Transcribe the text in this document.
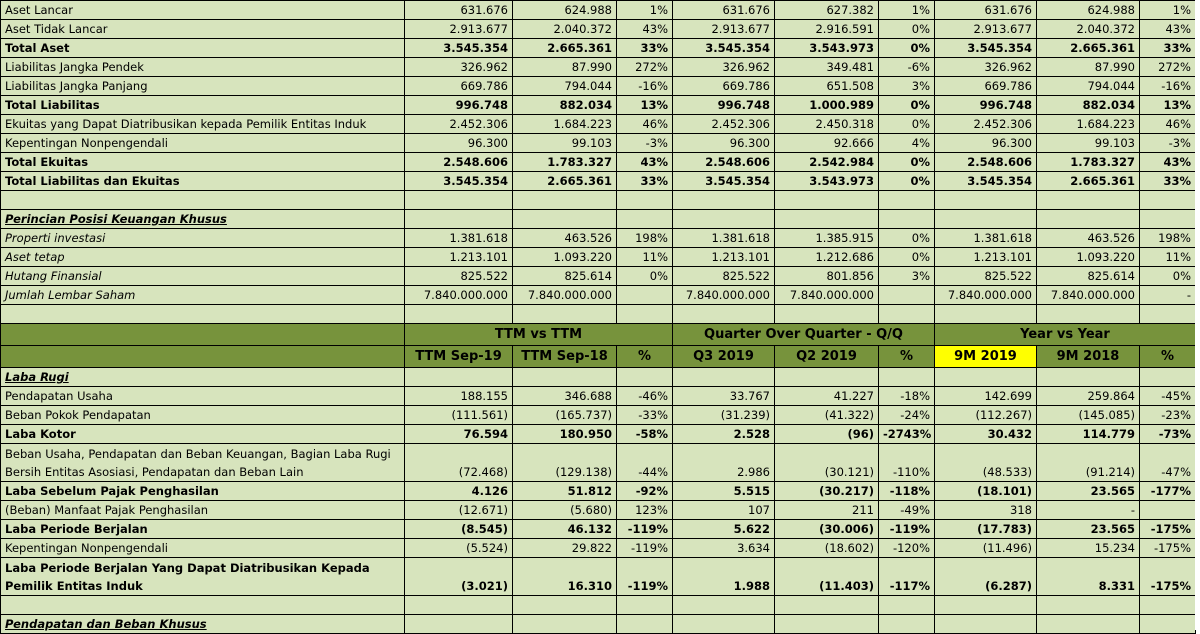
Aset Lancar	631.676	624.988	1%	631.676	627.382	1%	631.676	624.988	1%
Aset Tidak Lancar	2.913.677	2.040.372	43%	2.913.677	2.916.591	0%	2.913.677	2.040.372	43%
Total Aset	3.545.354	2.665.361	33%	3.545.354	3.543.973	0%	3.545.354	2.665.361	33%
Liabilitas Jangka Pendek	326.962	87.990	272%	326.962	349.481	-6%	326.962	87.990	272%
Liabilitas Jangka Panjang	669.786	794.044	-16%	669.786	651.508	3%	669.786	794.044	-16%
Total Liabilitas	996.748	882.034	13%	996.748	1.000.989	0%	996.748	882.034	13%
Ekuitas yang Dapat Diatribusikan kepada Pemilik Entitas Induk	2.452.306	1.684.223	46%	2.452.306	2.450.318	0%	2.452.306	1.684.223	46%
Kepentingan Nonpengendali	96.300	99.103	-3%	96.300	92.666	4%	96.300	99.103	-3%
Total Ekuitas	2.548.606	1.783.327	43%	2.548.606	2.542.984	0%	2.548.606	1.783.327	43%
Total Liabilitas dan Ekuitas	3.545.354	2.665.361	33%	3.545.354	3.543.973	0%	3.545.354	2.665.361	33%

Perincian Posisi Keuangan Khusus									
Properti investasi	1.381.618	463.526	198%	1.381.618	1.385.915	0%	1.381.618	463.526	198%
Aset tetap	1.213.101	1.093.220	11%	1.213.101	1.212.686	0%	1.213.101	1.093.220	11%
Hutang Finansial	825.522	825.614	0%	825.522	801.856	3%	825.522	825.614	0%
Jumlah Lembar Saham	7.840.000.000	7.840.000.000		7.840.000.000	7.840.000.000		7.840.000.000	7.840.000.000	-

	TTM vs TTM			Quarter Over Quarter - Q/Q			Year vs Year		
	TTM Sep-19	TTM Sep-18	%	Q3 2019	Q2 2019	%	9M 2019	9M 2018	%
Laba Rugi									
Pendapatan Usaha	188.155	346.688	-46%	33.767	41.227	-18%	142.699	259.864	-45%
Beban Pokok Pendapatan	(111.561)	(165.737)	-33%	(31.239)	(41.322)	-24%	(112.267)	(145.085)	-23%
Laba Kotor	76.594	180.950	-58%	2.528	(96)	-2743%	30.432	114.779	-73%
Beban Usaha, Pendapatan dan Beban Keuangan, Bagian Laba Rugi Bersih Entitas Asosiasi, Pendapatan dan Beban Lain	(72.468)	(129.138)	-44%	2.986	(30.121)	-110%	(48.533)	(91.214)	-47%
Laba Sebelum Pajak Penghasilan	4.126	51.812	-92%	5.515	(30.217)	-118%	(18.101)	23.565	-177%
(Beban) Manfaat Pajak Penghasilan	(12.671)	(5.680)	123%	107	211	-49%	318	-	
Laba Periode Berjalan	(8.545)	46.132	-119%	5.622	(30.006)	-119%	(17.783)	23.565	-175%
Kepentingan Nonpengendali	(5.524)	29.822	-119%	3.634	(18.602)	-120%	(11.496)	15.234	-175%
Laba Periode Berjalan Yang Dapat Diatribusikan Kepada Pemilik Entitas Induk	(3.021)	16.310	-119%	1.988	(11.403)	-117%	(6.287)	8.331	-175%

Pendapatan dan Beban Khusus									
